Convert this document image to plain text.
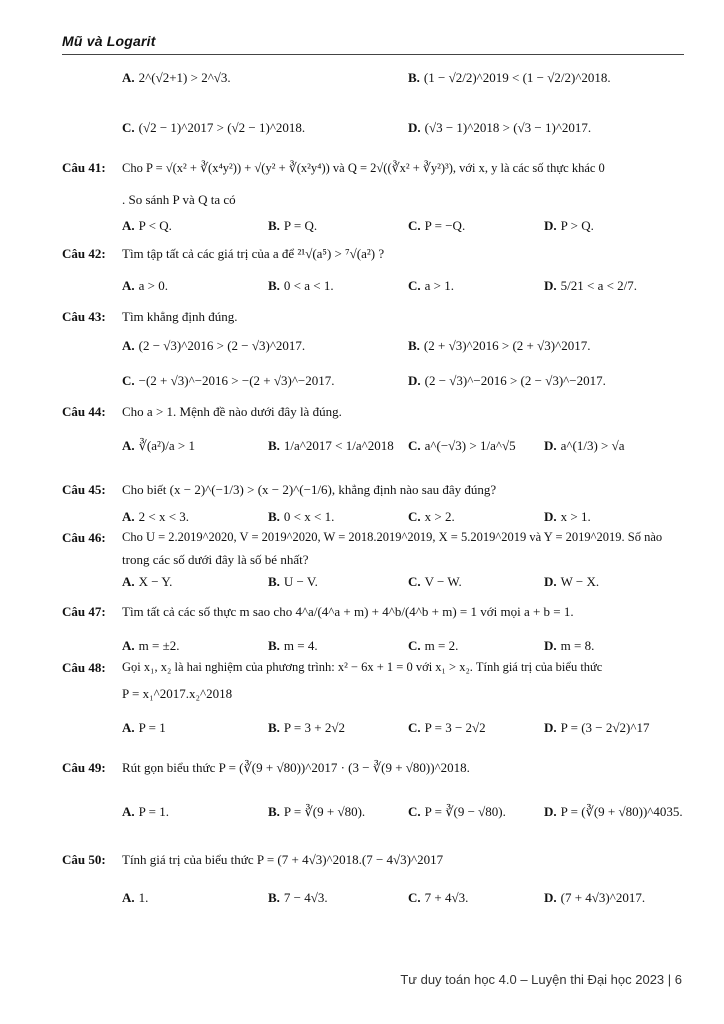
Mũ và Logarit
A. 2^(√2+1) > 2^√3.	B. (1 − √2/2)^2019 < (1 − √2/2)^2018.
C. (√2 − 1)^2017 > (√2 − 1)^2018.	D. (√3 − 1)^2018 > (√3 − 1)^2017.
Câu 41: Cho P = √(x² + ∛(x⁴y²)) + √(y² + ∛(x²y⁴)) và Q = 2√((∛x² + ∛y²)³), với x, y là các số thực khác 0
. So sánh P và Q ta có
A. P < Q.	B. P = Q.	C. P = −Q.	D. P > Q.
Câu 42: Tìm tập tất cả các giá trị của a để ²¹√(a⁵) > ⁷√(a²) ?
A. a > 0.	B. 0 < a < 1.	C. a > 1.	D. 5/21 < a < 2/7.
Câu 43: Tìm khẳng định đúng.
A. (2 − √3)^2016 > (2 − √3)^2017.	B. (2 + √3)^2016 > (2 + √3)^2017.
C. −(2 + √3)^−2016 > −(2 + √3)^−2017.	D. (2 − √3)^−2016 > (2 − √3)^−2017.
Câu 44: Cho a > 1. Mệnh đề nào dưới đây là đúng.
A. ∛(a²)/a > 1	B. 1/a^2017 < 1/a^2018 C. a^(−√3) > 1/a^√5 D. a^(1/3) > √a
Câu 45: Cho biết (x − 2)^(−1/3) > (x − 2)^(−1/6), khẳng định nào sau đây đúng?
A. 2 < x < 3.	B. 0 < x < 1.	C. x > 2.	D. x > 1.
Câu 46: Cho U = 2.2019^2020, V = 2019^2020, W = 2018.2019^2019, X = 5.2019^2019 và Y = 2019^2019. Số nào
trong các số dưới đây là số bé nhất?
A. X − Y.	B. U − V.	C. V − W.	D. W − X.
Câu 47: Tìm tất cả các số thực m sao cho 4^a/(4^a + m) + 4^b/(4^b + m) = 1 với mọi a + b = 1.
A. m = ±2.	B. m = 4.	C. m = 2.	D. m = 8.
Câu 48: Gọi x₁, x₂ là hai nghiệm của phương trình: x² − 6x + 1 = 0 với x₁ > x₂. Tính giá trị của biểu thức
P = x₁^2017.x₂^2018
A. P = 1	B. P = 3 + 2√2	C. P = 3 − 2√2	D. P = (3 − 2√2)^17
Câu 49: Rút gọn biểu thức P = (∛(9 + √80))^2017 · (3 − ∛(9 + √80))^2018.
A. P = 1.	B. P = ∛(9 + √80).	C. P = ∛(9 − √80).	D. P = (∛(9 + √80))^4035.
Câu 50: Tính giá trị của biểu thức P = (7 + 4√3)^2018.(7 − 4√3)^2017
A. 1.	B. 7 − 4√3.	C. 7 + 4√3.	D. (7 + 4√3)^2017.
Tư duy toán học 4.0 – Luyện thi Đại học 2023 | 6
